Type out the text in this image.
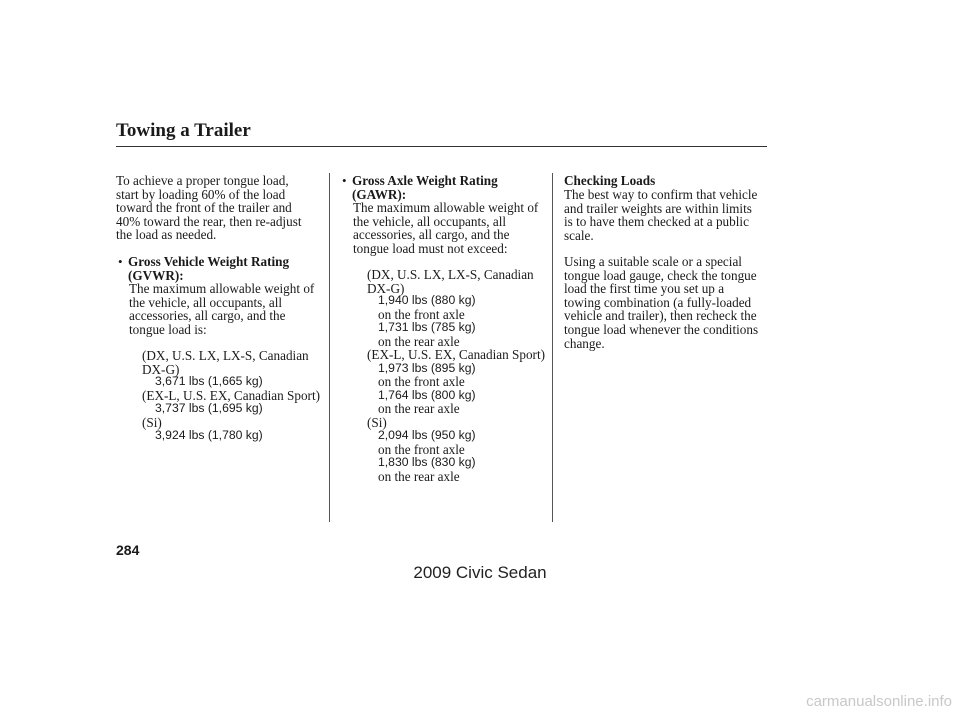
Towing a Trailer

To achieve a proper tongue load,
start by loading 60% of the load
toward the front of the trailer and
40% toward the rear, then re-adjust
the load as needed.

• Gross Vehicle Weight Rating
(GVWR):

The maximum allowable weight of
the vehicle, all occupants, all
accessories, all cargo, and the
tongue load is:

(DX, U.S. LX, LX-S, Canadian
DX-G)

3,671 lbs (1,665 kg)

(EX-L, U.S. EX, Canadian Sport)

3,737 lbs (1,695 kg)

(Si)

3,924 lbs (1,780 kg)

• Gross Axle Weight Rating
(GAWR):

The maximum allowable weight of
the vehicle, all occupants, all
accessories, all cargo, and the
tongue load must not exceed:

(DX, U.S. LX, LX-S, Canadian
DX-G)

1,940 lbs (880 kg)

on the front axle

1,731 lbs (785 kg)

on the rear axle

(EX-L, U.S. EX, Canadian Sport)

1,973 lbs (895 kg)

on the front axle

1,764 lbs (800 kg)

on the rear axle

(Si)

2,094 lbs (950 kg)

on the front axle

1,830 lbs (830 kg)

on the rear axle

Checking Loads

The best way to confirm that vehicle
and trailer weights are within limits
is to have them checked at a public
scale.

Using a suitable scale or a special
tongue load gauge, check the tongue
load the first time you set up a
towing combination (a fully-loaded
vehicle and trailer), then recheck the
tongue load whenever the conditions
change.

284
2009 Civic Sedan
carmanualsonline.info
